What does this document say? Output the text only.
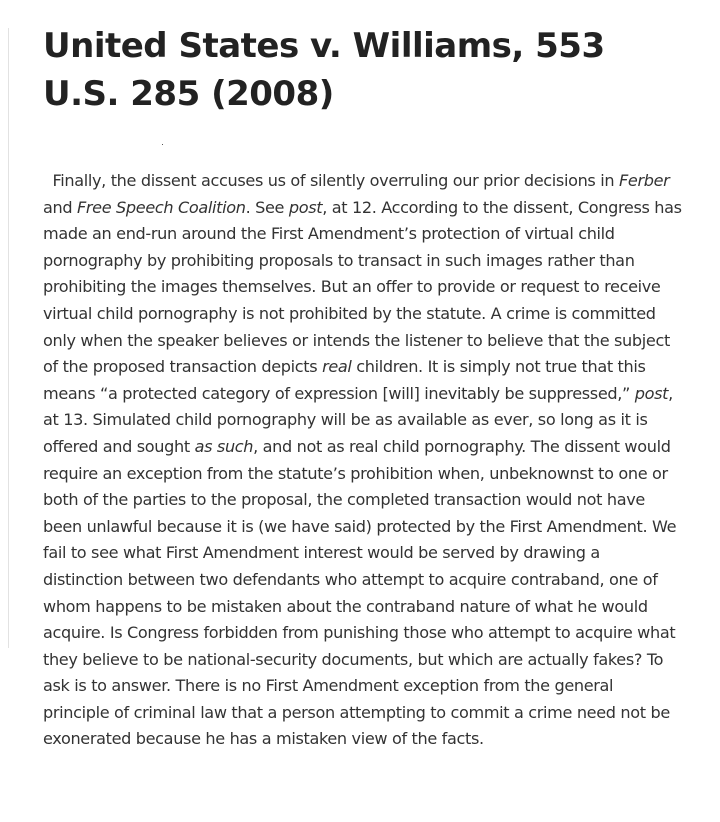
United States v. Williams, 553 U.S. 285 (2008)

Finally, the dissent accuses us of silently overruling our prior decisions in Ferber and Free Speech Coalition. See post, at 12. According to the dissent, Congress has made an end-run around the First Amendment’s protection of virtual child pornography by prohibiting proposals to transact in such images rather than prohibiting the images themselves. But an offer to provide or request to receive virtual child pornography is not prohibited by the statute. A crime is committed only when the speaker believes or intends the listener to believe that the subject of the proposed transaction depicts real children. It is simply not true that this means “a protected category of expression [will] inevitably be suppressed,” post, at 13. Simulated child pornography will be as available as ever, so long as it is offered and sought as such, and not as real child pornography. The dissent would require an exception from the statute’s prohibition when, unbeknownst to one or both of the parties to the proposal, the completed transaction would not have been unlawful because it is (we have said) protected by the First Amendment. We fail to see what First Amendment interest would be served by drawing a distinction between two defendants who attempt to acquire contraband, one of whom happens to be mistaken about the contraband nature of what he would acquire. Is Congress forbidden from punishing those who attempt to acquire what they believe to be national-security documents, but which are actually fakes? To ask is to answer. There is no First Amendment exception from the general principle of criminal law that a person attempting to commit a crime need not be exonerated because he has a mistaken view of the facts.
